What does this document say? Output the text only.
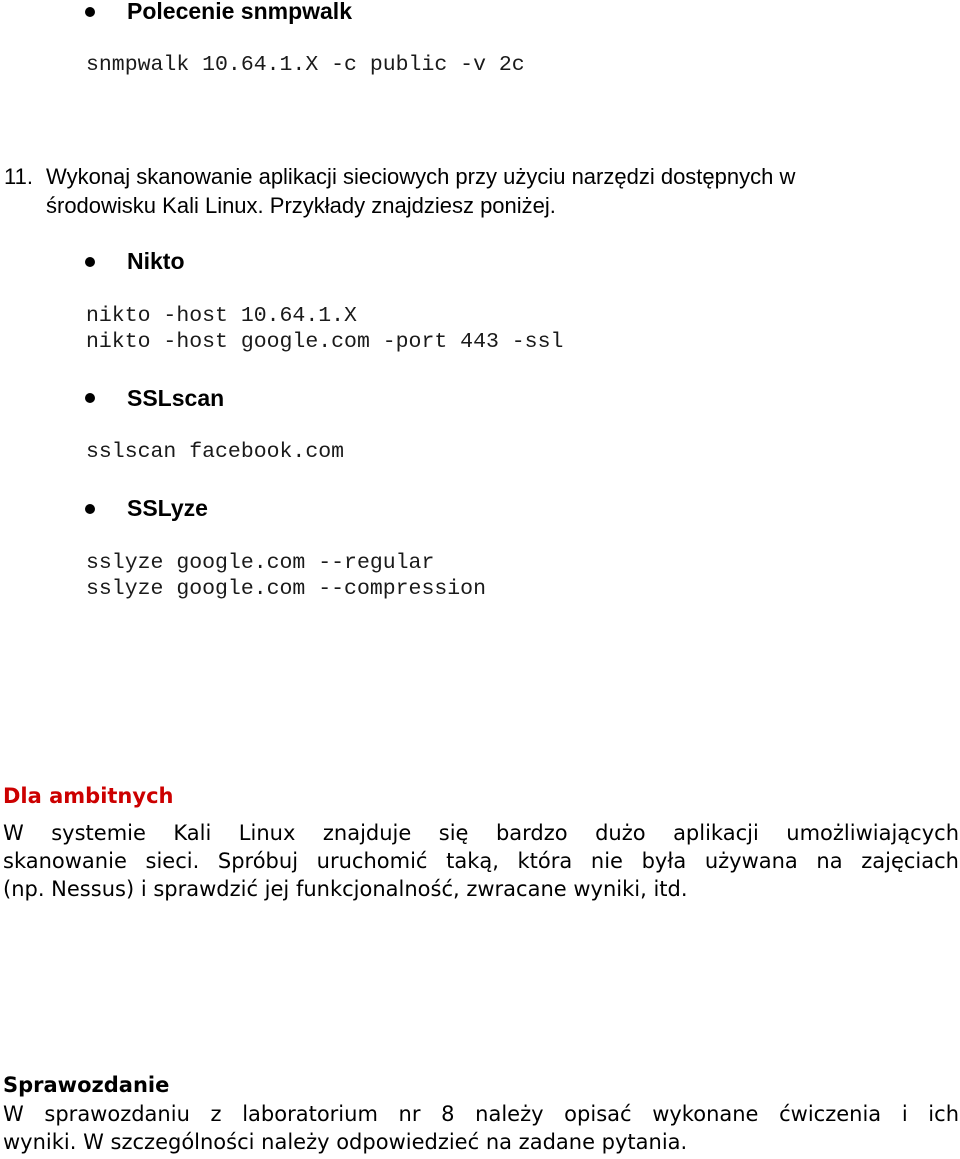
Polecenie snmpwalk
snmpwalk 10.64.1.X -c public -v 2c
11. Wykonaj skanowanie aplikacji sieciowych przy użyciu narzędzi dostępnych w
środowisku Kali Linux. Przykłady znajdziesz poniżej.
Nikto
nikto -host 10.64.1.X
nikto -host google.com -port 443 -ssl
SSLscan
sslscan facebook.com
SSLyze
sslyze google.com --regular
sslyze google.com --compression
Dla ambitnych
W systemie Kali Linux znajduje się bardzo dużo aplikacji umożliwiających
skanowanie sieci. Spróbuj uruchomić taką, która nie była używana na zajęciach
(np. Nessus) i sprawdzić jej funkcjonalność, zwracane wyniki, itd.
Sprawozdanie
W sprawozdaniu z laboratorium nr 8 należy opisać wykonane ćwiczenia i ich
wyniki. W szczególności należy odpowiedzieć na zadane pytania.
